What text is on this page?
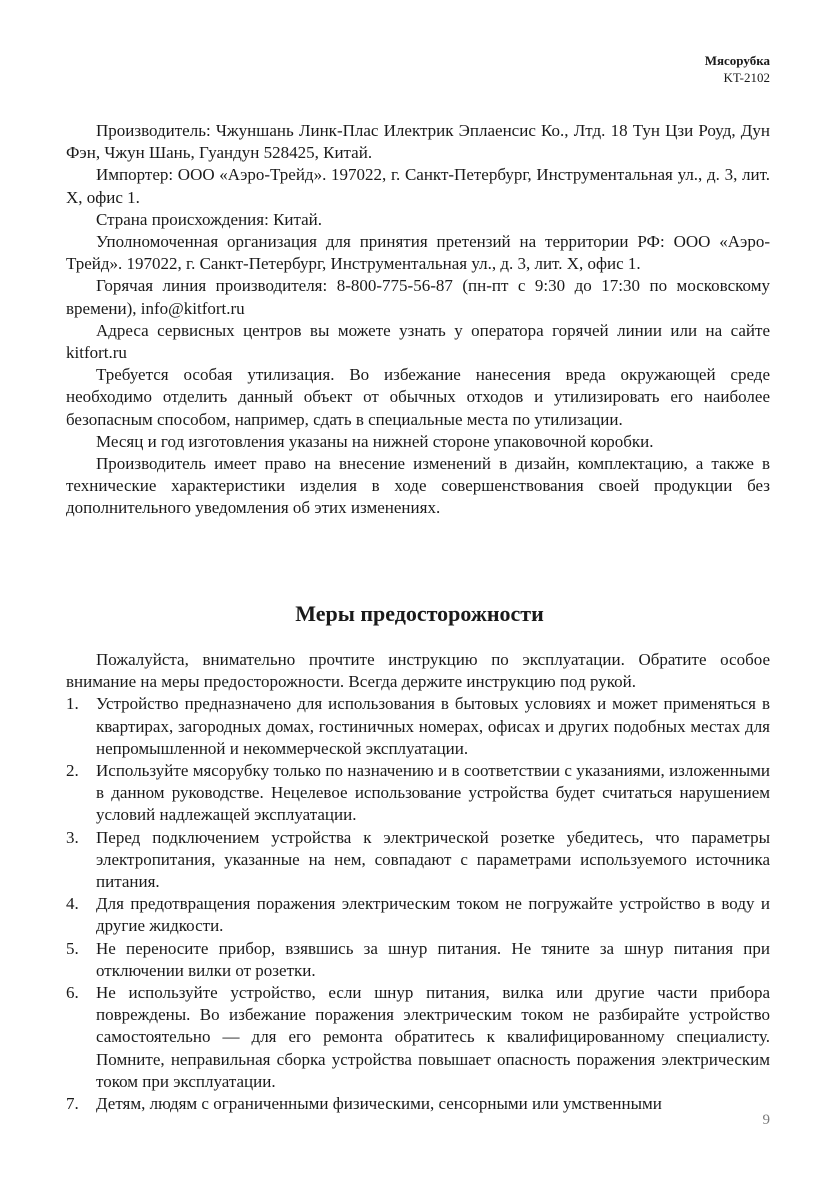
Мясорубка
KT-2102

Производитель: Чжуншань Линк-Плас Илектрик Эплаенсис Ко., Лтд. 18 Тун Цзи Роуд, Дун Фэн, Чжун Шань, Гуандун 528425, Китай.

Импортер: ООО «Аэро-Трейд». 197022, г. Санкт-Петербург, Инструментальная ул., д. 3, лит. Х, офис 1.

Страна происхождения: Китай.

Уполномоченная организация для принятия претензий на территории РФ: ООО «Аэро-Трейд». 197022, г. Санкт-Петербург, Инструментальная ул., д. 3, лит. Х, офис 1.

Горячая линия производителя: 8-800-775-56-87 (пн-пт с 9:30 до 17:30 по московскому времени), info@kitfort.ru

Адреса сервисных центров вы можете узнать у оператора горячей линии или на сайте kitfort.ru

Требуется особая утилизация. Во избежание нанесения вреда окружающей среде необходимо отделить данный объект от обычных отходов и утилизировать его наиболее безопасным способом, например, сдать в специальные места по утилизации.

Месяц и год изготовления указаны на нижней стороне упаковочной коробки.

Производитель имеет право на внесение изменений в дизайн, комплектацию, а также в технические характеристики изделия в ходе совершенствования своей продукции без дополнительного уведомления об этих изменениях.

Меры предосторожности

Пожалуйста, внимательно прочтите инструкцию по эксплуатации. Обратите особое внимание на меры предосторожности. Всегда держите инструкцию под рукой.

1. Устройство предназначено для использования в бытовых условиях и может применяться в квартирах, загородных домах, гостиничных номерах, офисах и других подобных местах для непромышленной и некоммерческой эксплуатации.
2. Используйте мясорубку только по назначению и в соответствии с указаниями, изложенными в данном руководстве. Нецелевое использование устройства будет считаться нарушением условий надлежащей эксплуатации.
3. Перед подключением устройства к электрической розетке убедитесь, что параметры электропитания, указанные на нем, совпадают с параметрами используемого источника питания.
4. Для предотвращения поражения электрическим током не погружайте устройство в воду и другие жидкости.
5. Не переносите прибор, взявшись за шнур питания. Не тяните за шнур питания при отключении вилки от розетки.
6. Не используйте устройство, если шнур питания, вилка или другие части прибора повреждены. Во избежание поражения электрическим током не разбирайте устройство самостоятельно — для его ремонта обратитесь к квалифицированному специалисту. Помните, неправильная сборка устройства повышает опасность поражения электрическим током при эксплуатации.
7. Детям, людям с ограниченными физическими, сенсорными или умственными
9
